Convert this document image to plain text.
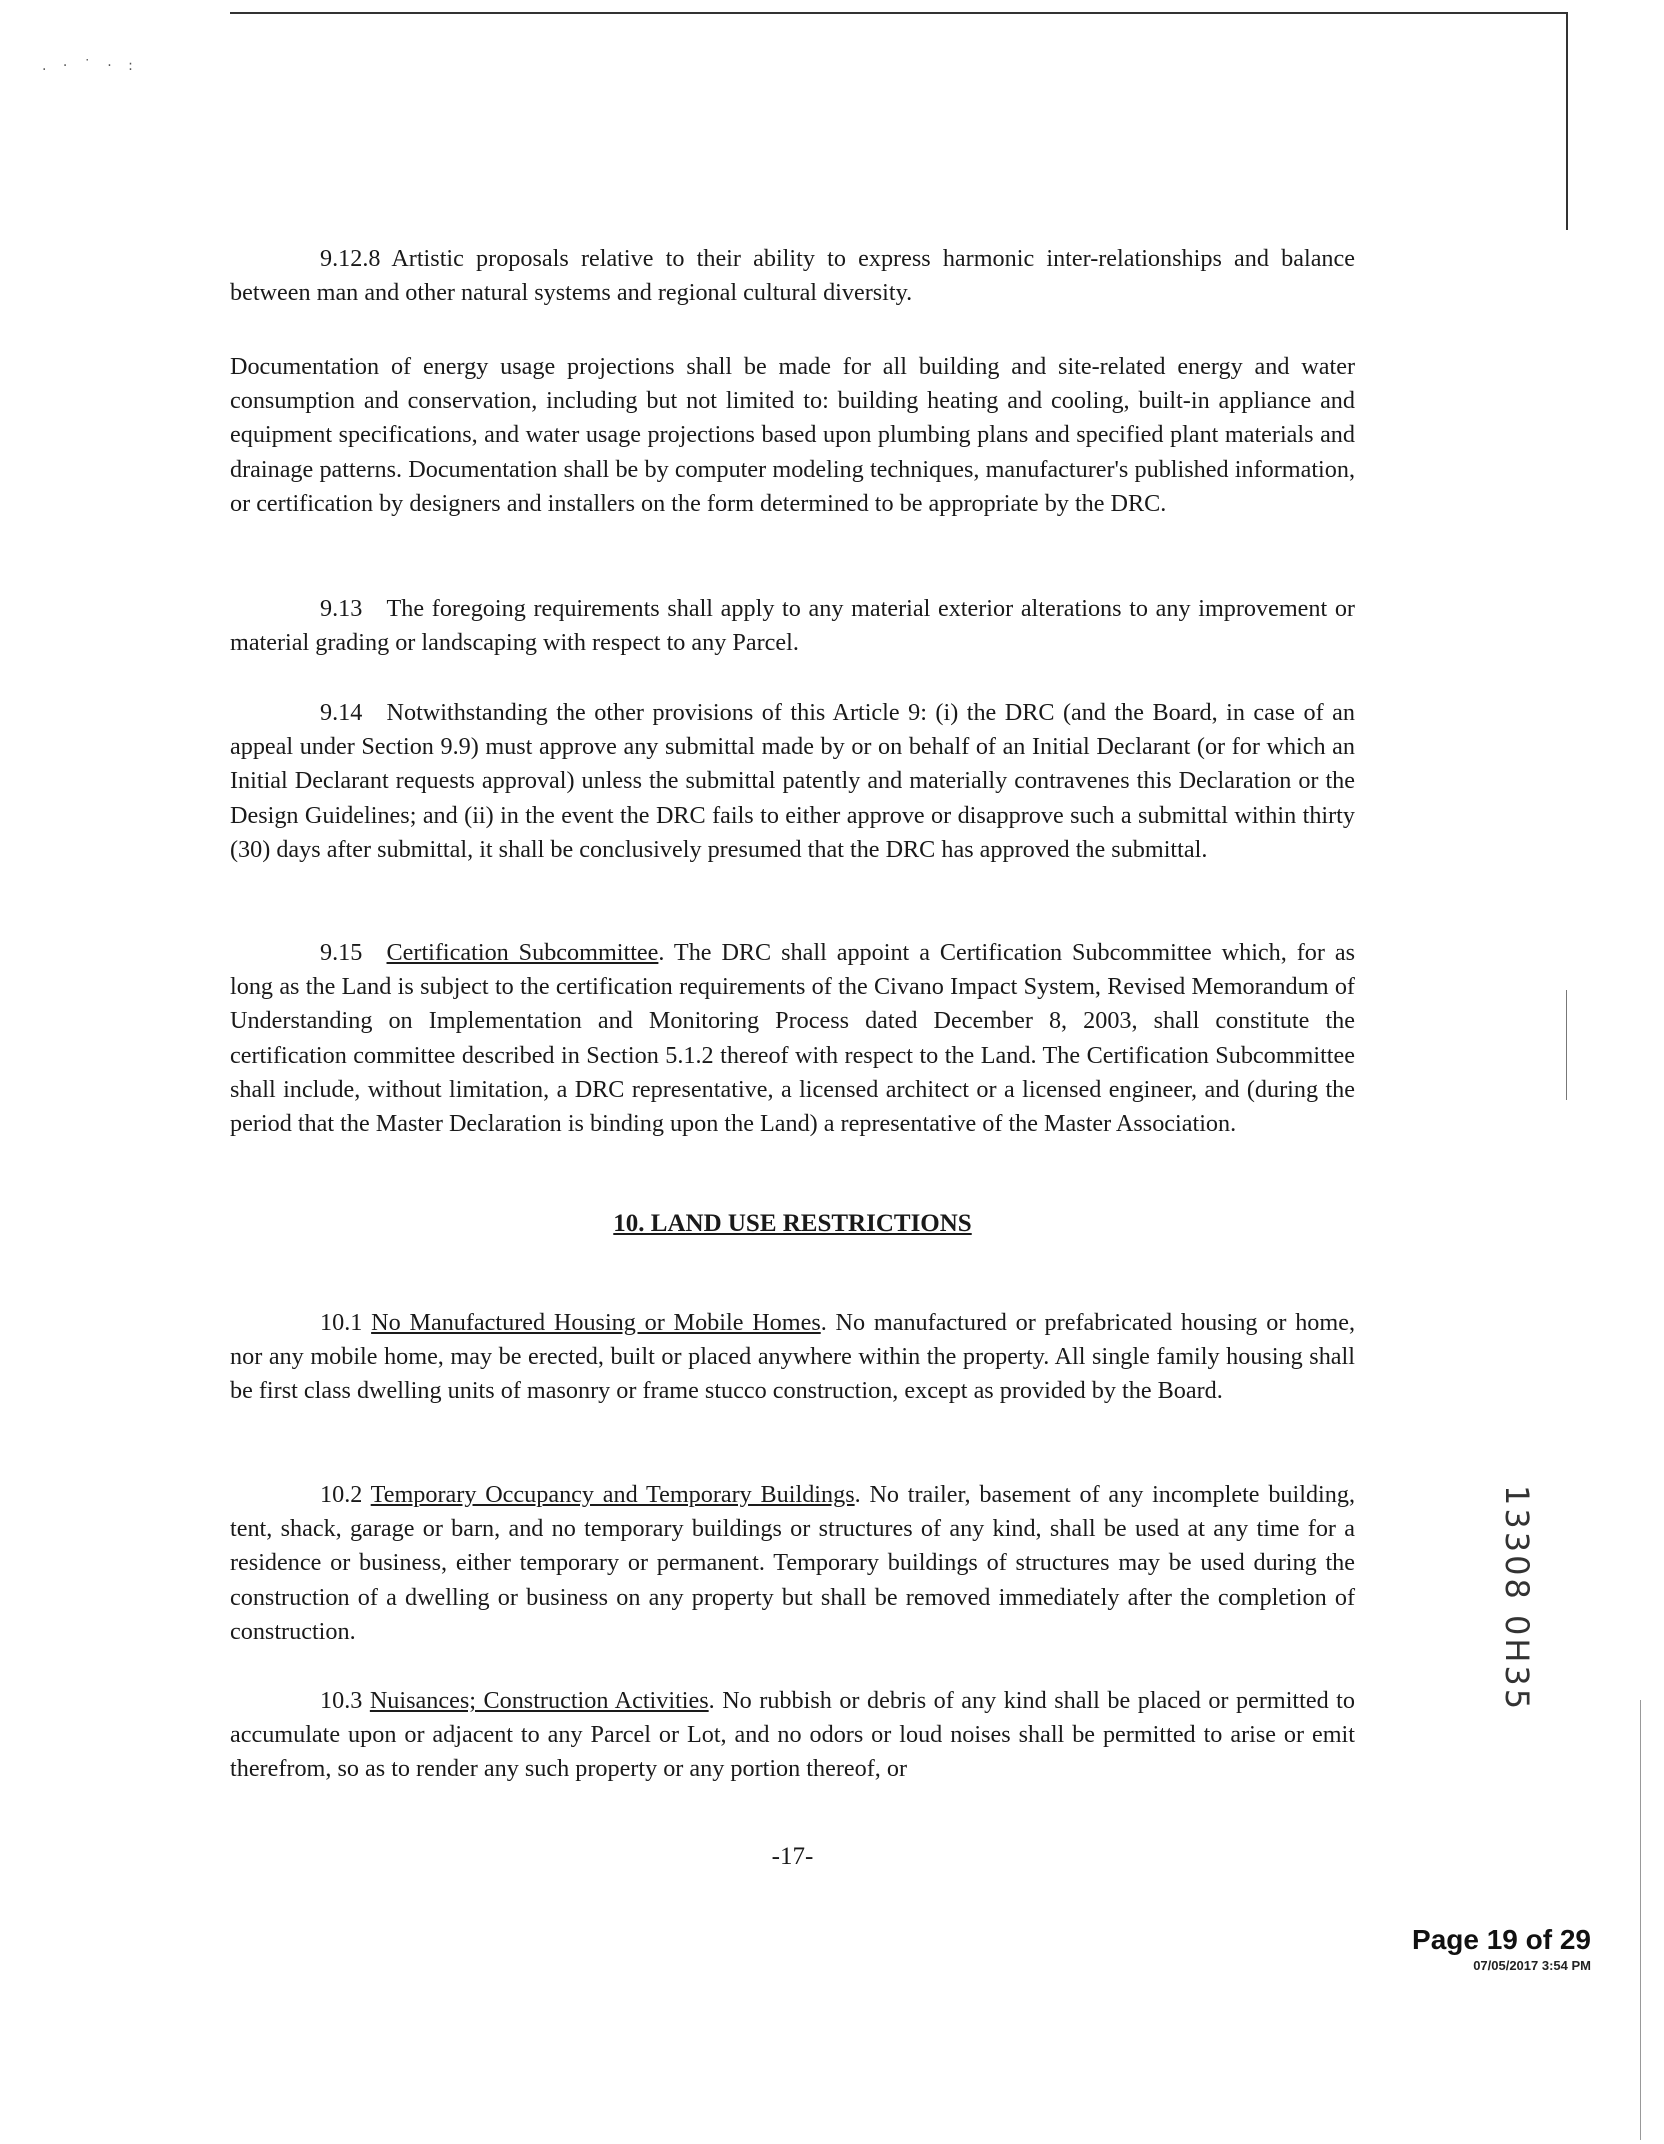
. · ˙ · :

9.12.8 Artistic proposals relative to their ability to express harmonic inter-relationships and balance between man and other natural systems and regional cultural diversity.

Documentation of energy usage projections shall be made for all building and site-related energy and water consumption and conservation, including but not limited to: building heating and cooling, built-in appliance and equipment specifications, and water usage projections based upon plumbing plans and specified plant materials and drainage patterns. Documentation shall be by computer modeling techniques, manufacturer's published information, or certification by designers and installers on the form determined to be appropriate by the DRC.

9.13 The foregoing requirements shall apply to any material exterior alterations to any improvement or material grading or landscaping with respect to any Parcel.

9.14 Notwithstanding the other provisions of this Article 9: (i) the DRC (and the Board, in case of an appeal under Section 9.9) must approve any submittal made by or on behalf of an Initial Declarant (or for which an Initial Declarant requests approval) unless the submittal patently and materially contravenes this Declaration or the Design Guidelines; and (ii) in the event the DRC fails to either approve or disapprove such a submittal within thirty (30) days after submittal, it shall be conclusively presumed that the DRC has approved the submittal.

9.15  Certification Subcommittee. The DRC shall appoint a Certification Subcommittee which, for as long as the Land is subject to the certification requirements of the Civano Impact System, Revised Memorandum of Understanding on Implementation and Monitoring Process dated December 8, 2003, shall constitute the certification committee described in Section 5.1.2 thereof with respect to the Land. The Certification Subcommittee shall include, without limitation, a DRC representative, a licensed architect or a licensed engineer, and (during the period that the Master Declaration is binding upon the Land) a representative of the Master Association.

10. LAND USE RESTRICTIONS

10.1 No Manufactured Housing or Mobile Homes. No manufactured or prefabricated housing or home, nor any mobile home, may be erected, built or placed anywhere within the property. All single family housing shall be first class dwelling units of masonry or frame stucco construction, except as provided by the Board.

10.2 Temporary Occupancy and Temporary Buildings. No trailer, basement of any incomplete building, tent, shack, garage or barn, and no temporary buildings or structures of any kind, shall be used at any time for a residence or business, either temporary or permanent. Temporary buildings of structures may be used during the construction of a dwelling or business on any property but shall be removed immediately after the completion of construction.

10.3 Nuisances; Construction Activities. No rubbish or debris of any kind shall be placed or permitted to accumulate upon or adjacent to any Parcel or Lot, and no odors or loud noises shall be permitted to arise or emit therefrom, so as to render any such property or any portion thereof, or

-17-
13308 0H35
Page 19 of 29
07/05/2017 3:54 PM
